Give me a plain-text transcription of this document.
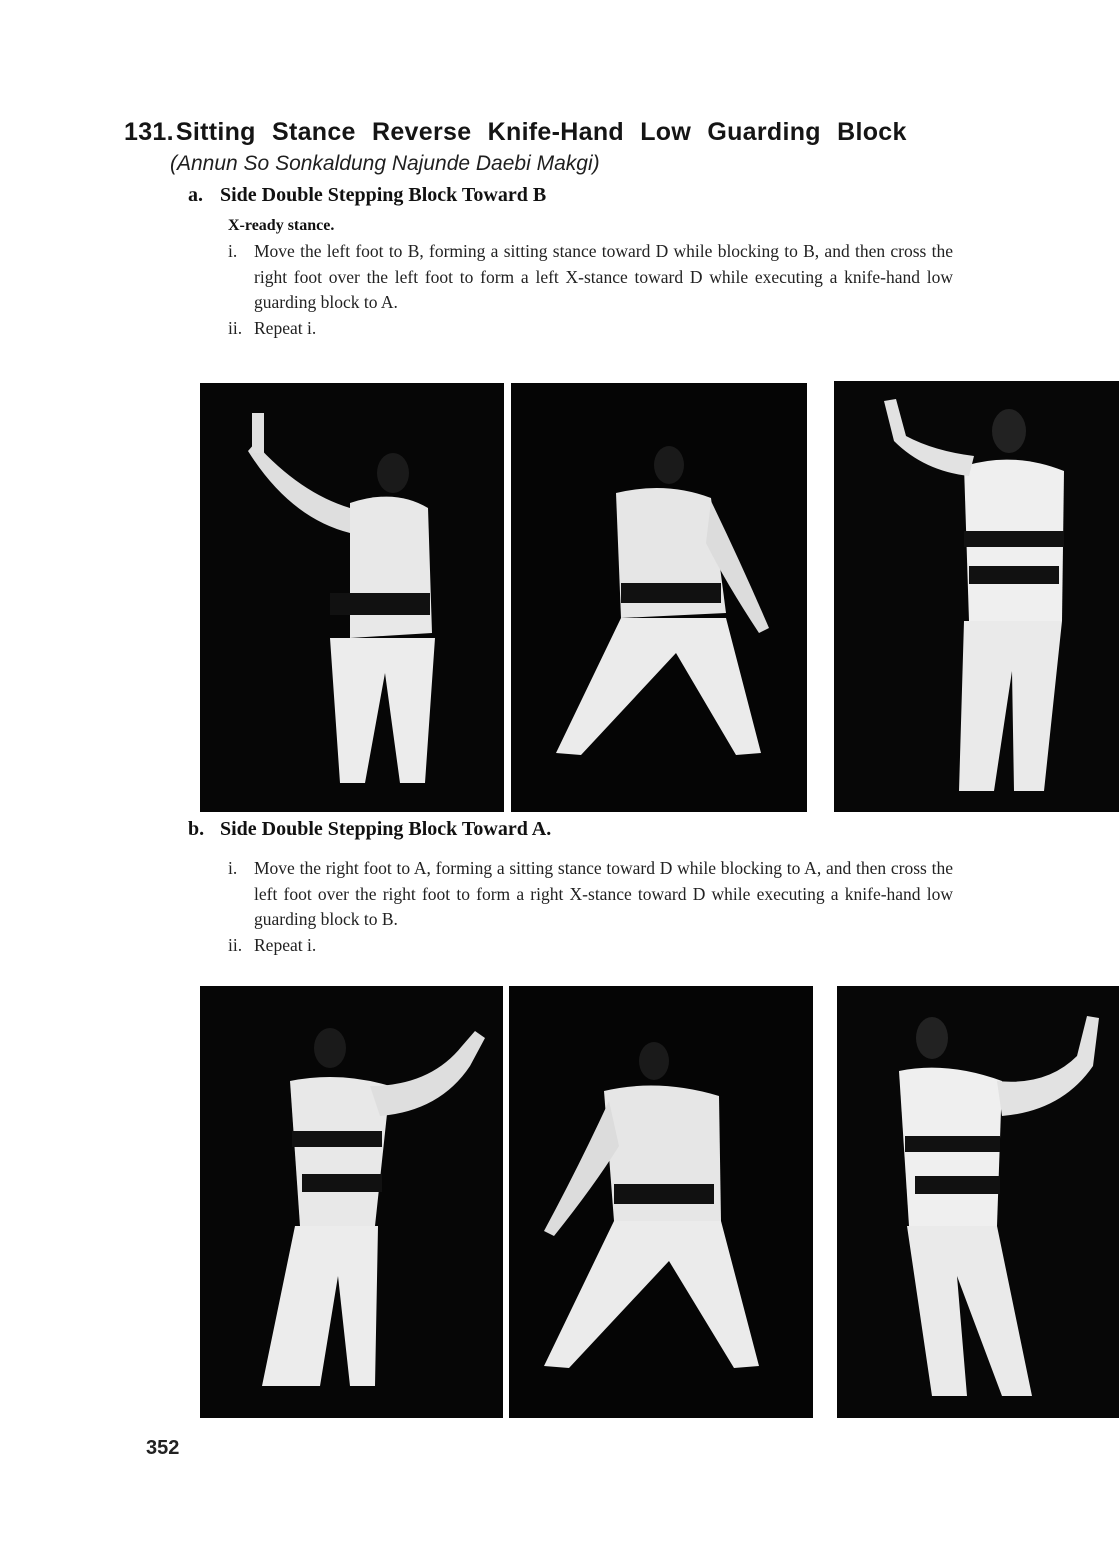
131.Sitting Stance Reverse Knife-Hand Low Guarding Block
(Annun So Sonkaldung Najunde Daebi Makgi)
a. Side Double Stepping Block Toward B
X-ready stance.
i. Move the left foot to B, forming a sitting stance toward D while blocking to B, and then cross the right foot over the left foot to form a left X-stance toward D while executing a knife-hand low guarding block to A.
ii. Repeat i.
b. Side Double Stepping Block Toward A.
i. Move the right foot to A, forming a sitting stance toward D while blocking to A, and then cross the left foot over the right foot to form a right X-stance toward D while executing a knife-hand low guarding block to B.
ii. Repeat i.
352
